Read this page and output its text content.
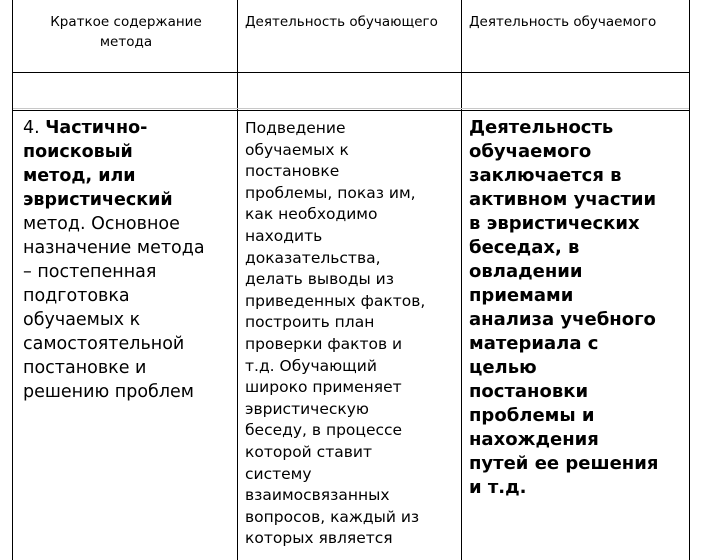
Краткое содержание
метода
Деятельность обучающего	Деятельность обучаемого
4. Частично-
поисковый
метод, или
эвристический
метод. Основное
назначение метода
– постепенная
подготовка
обучаемых к
самостоятельной
постановке и
решению проблем
Подведение
обучаемых к
постановке
проблемы, показ им,
как необходимо
находить
доказательства,
делать выводы из
приведенных фактов,
построить план
проверки фактов и
т.д. Обучающий
широко применяет
эвристическую
беседу, в процессе
которой ставит
систему
взаимосвязанных
вопросов, каждый из
которых является
Деятельность
обучаемого
заключается в
активном участии
в эвристических
беседах, в
овладении
приемами
анализа учебного
материала с
целью
постановки
проблемы и
нахождения
путей ее решения
и т.д.
